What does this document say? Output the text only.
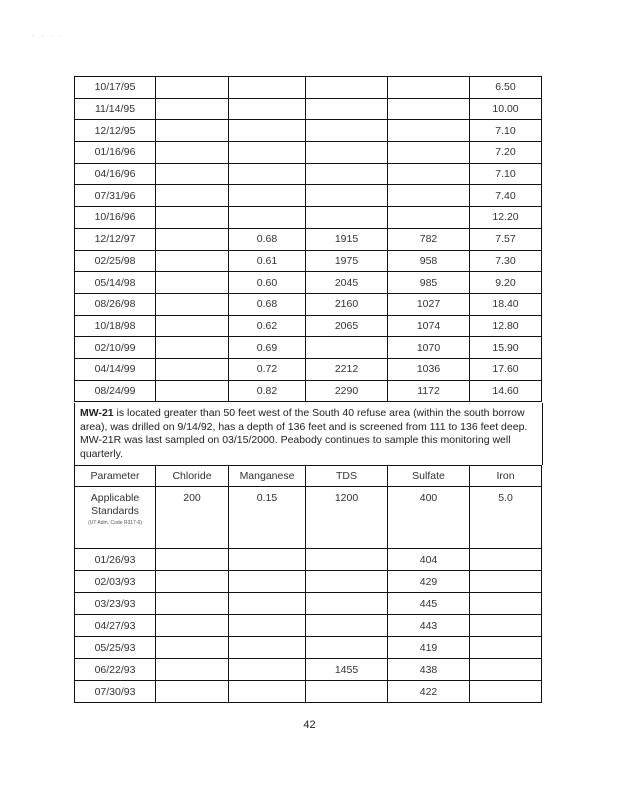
. . . .
10/17/95					6.50
11/14/95					10.00
12/12/95					7.10
01/16/96					7.20
04/16/96					7.10
07/31/96					7.40
10/16/96					12.20
12/12/97		0.68	1915	782	7.57
02/25/98		0.61	1975	958	7.30
05/14/98		0.60	2045	985	9.20
08/26/98		0.68	2160	1027	18.40
10/18/98		0.62	2065	1074	12.80
02/10/99		0.69		1070	15.90
04/14/99		0.72	2212	1036	17.60
08/24/99		0.82	2290	1172	14.60
MW-21 is located greater than 50 feet west of the South 40 refuse area (within the south borrow area), was drilled on 9/14/92, has a depth of 136 feet and is screened from 111 to 136 feet deep. MW-21R was last sampled on 03/15/2000. Peabody continues to sample this monitoring well quarterly.
Parameter	Chloride	Manganese	TDS	Sulfate	Iron

Applicable Standards
(UT Adm. Code R317-6)	200	0.15	1200	400	5.0
01/26/93				404	
02/03/93				429	
03/23/93				445	
04/27/93				443	
05/25/93				419	
06/22/93			1455	438	
07/30/93				422	
42
